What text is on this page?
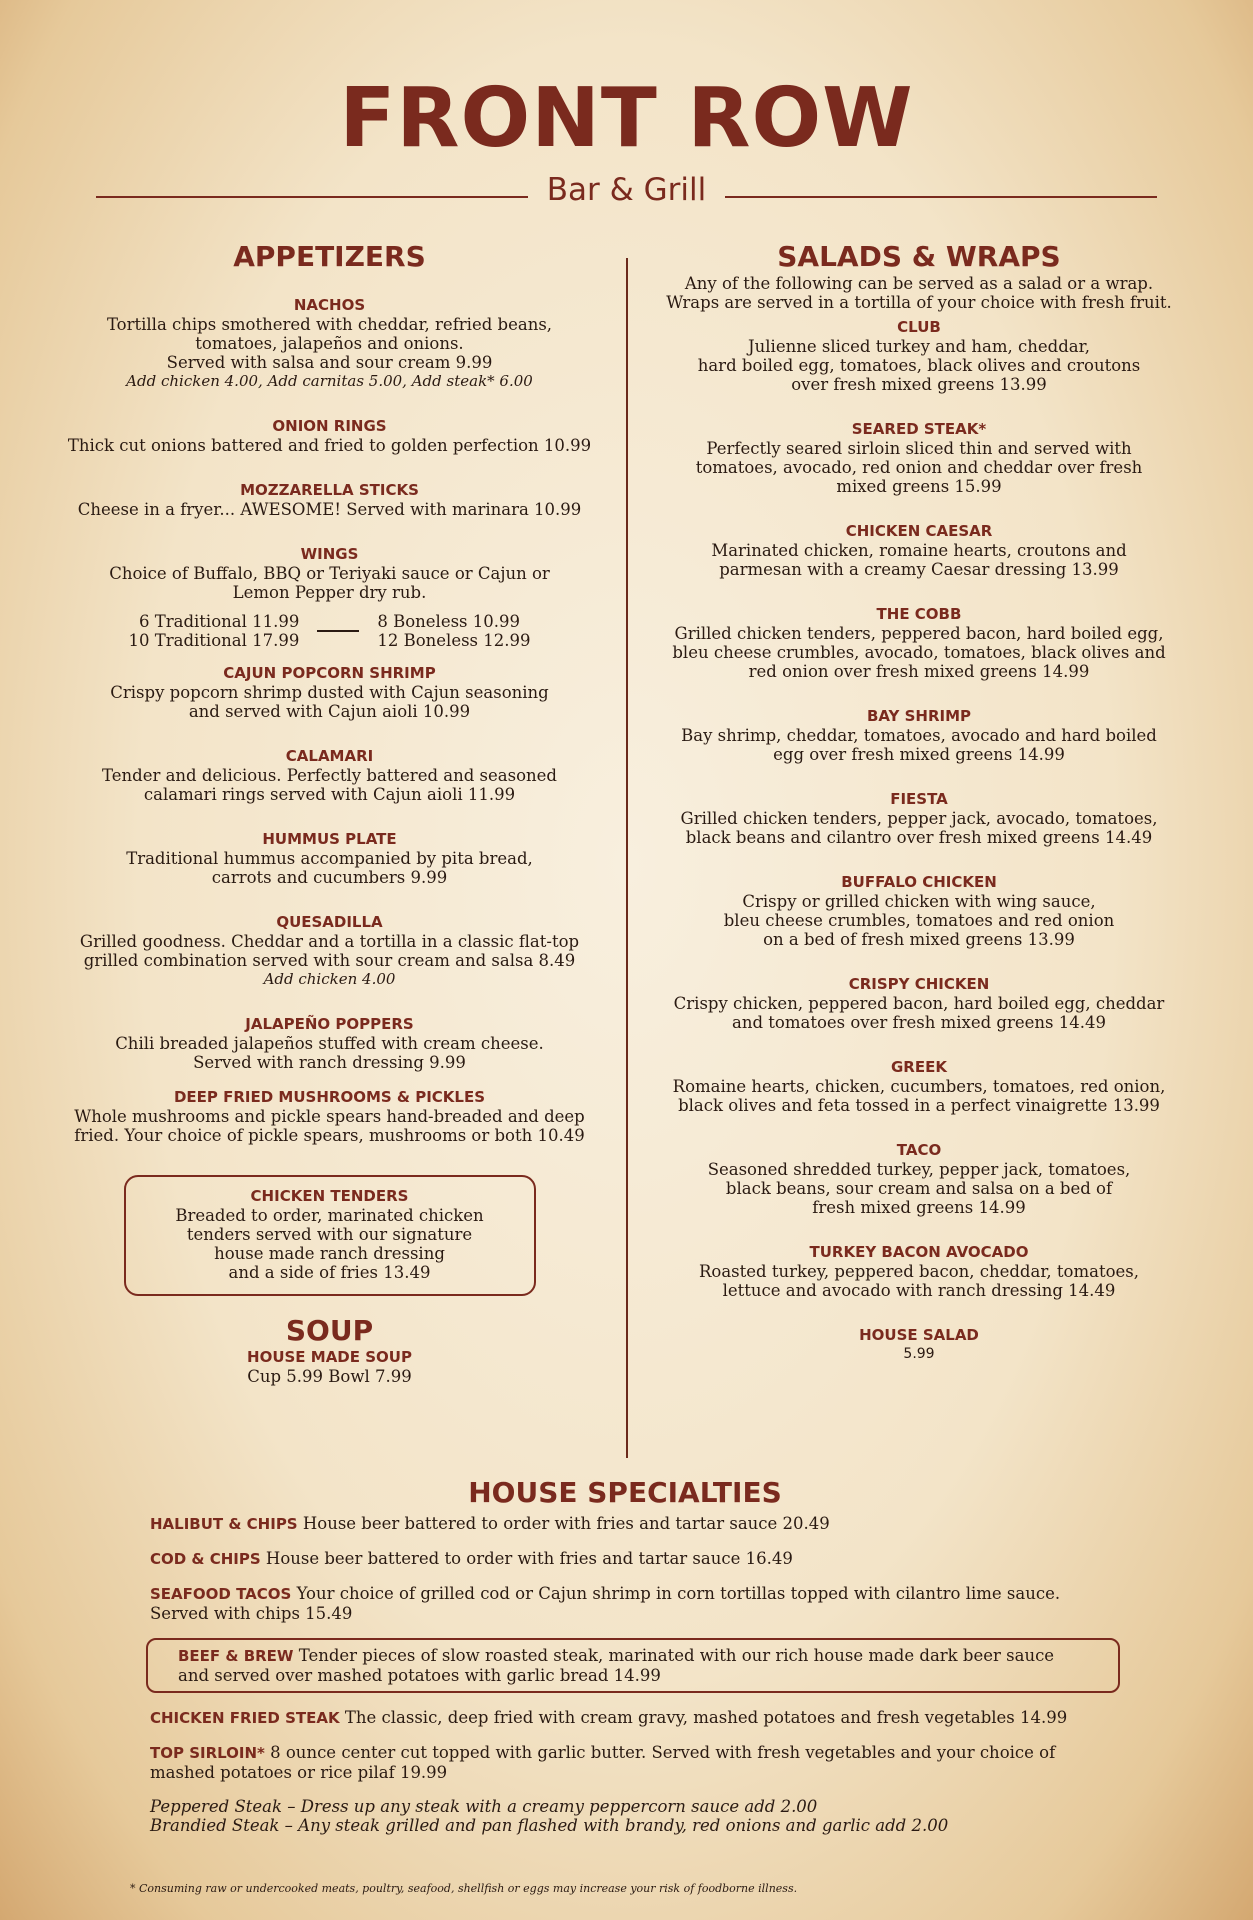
FRONT ROW
Bar & Grill
APPETIZERS
NACHOS
Tortilla chips smothered with cheddar, refried beans,
tomatoes, jalapeños and onions.
Served with salsa and sour cream 9.99
Add chicken 4.00, Add carnitas 5.00, Add steak* 6.00
ONION RINGS
Thick cut onions battered and fried to golden perfection 10.99
MOZZARELLA STICKS
Cheese in a fryer... AWESOME! Served with marinara 10.99
WINGS
Choice of Buffalo, BBQ or Teriyaki sauce or Cajun or
Lemon Pepper dry rub.
6 Traditional 11.99
10 Traditional 17.99
8 Boneless 10.99
12 Boneless 12.99
CAJUN POPCORN SHRIMP
Crispy popcorn shrimp dusted with Cajun seasoning
and served with Cajun aioli 10.99
CALAMARI
Tender and delicious. Perfectly battered and seasoned
calamari rings served with Cajun aioli 11.99
HUMMUS PLATE
Traditional hummus accompanied by pita bread,
carrots and cucumbers 9.99
QUESADILLA
Grilled goodness. Cheddar and a tortilla in a classic flat-top
grilled combination served with sour cream and salsa 8.49
Add chicken 4.00
JALAPEÑO POPPERS
Chili breaded jalapeños stuffed with cream cheese.
Served with ranch dressing 9.99
DEEP FRIED MUSHROOMS & PICKLES
Whole mushrooms and pickle spears hand-breaded and deep
fried. Your choice of pickle spears, mushrooms or both 10.49
CHICKEN TENDERS
Breaded to order, marinated chicken
tenders served with our signature
house made ranch dressing
and a side of fries 13.49
SOUP
HOUSE MADE SOUP
Cup 5.99 Bowl 7.99
SALADS & WRAPS
Any of the following can be served as a salad or a wrap.
Wraps are served in a tortilla of your choice with fresh fruit.
CLUB
Julienne sliced turkey and ham, cheddar,
hard boiled egg, tomatoes, black olives and croutons
over fresh mixed greens 13.99
SEARED STEAK*
Perfectly seared sirloin sliced thin and served with
tomatoes, avocado, red onion and cheddar over fresh
mixed greens 15.99
CHICKEN CAESAR
Marinated chicken, romaine hearts, croutons and
parmesan with a creamy Caesar dressing 13.99
THE COBB
Grilled chicken tenders, peppered bacon, hard boiled egg,
bleu cheese crumbles, avocado, tomatoes, black olives and
red onion over fresh mixed greens 14.99
BAY SHRIMP
Bay shrimp, cheddar, tomatoes, avocado and hard boiled
egg over fresh mixed greens 14.99
FIESTA
Grilled chicken tenders, pepper jack, avocado, tomatoes,
black beans and cilantro over fresh mixed greens 14.49
BUFFALO CHICKEN
Crispy or grilled chicken with wing sauce,
bleu cheese crumbles, tomatoes and red onion
on a bed of fresh mixed greens 13.99
CRISPY CHICKEN
Crispy chicken, peppered bacon, hard boiled egg, cheddar
and tomatoes over fresh mixed greens 14.49
GREEK
Romaine hearts, chicken, cucumbers, tomatoes, red onion,
black olives and feta tossed in a perfect vinaigrette 13.99
TACO
Seasoned shredded turkey, pepper jack, tomatoes,
black beans, sour cream and salsa on a bed of
fresh mixed greens 14.99
TURKEY BACON AVOCADO
Roasted turkey, peppered bacon, cheddar, tomatoes,
lettuce and avocado with ranch dressing 14.49
HOUSE SALAD
5.99
HOUSE SPECIALTIES
HALIBUT & CHIPS House beer battered to order with fries and tartar sauce 20.49
COD & CHIPS House beer battered to order with fries and tartar sauce 16.49
SEAFOOD TACOS Your choice of grilled cod or Cajun shrimp in corn tortillas topped with cilantro lime sauce. Served with chips 15.49
BEEF & BREW Tender pieces of slow roasted steak, marinated with our rich house made dark beer sauce and served over mashed potatoes with garlic bread 14.99
CHICKEN FRIED STEAK The classic, deep fried with cream gravy, mashed potatoes and fresh vegetables 14.99
TOP SIRLOIN* 8 ounce center cut topped with garlic butter. Served with fresh vegetables and your choice of mashed potatoes or rice pilaf 19.99
Peppered Steak – Dress up any steak with a creamy peppercorn sauce add 2.00
Brandied Steak – Any steak grilled and pan flashed with brandy, red onions and garlic add 2.00
* Consuming raw or undercooked meats, poultry, seafood, shellfish or eggs may increase your risk of foodborne illness.
